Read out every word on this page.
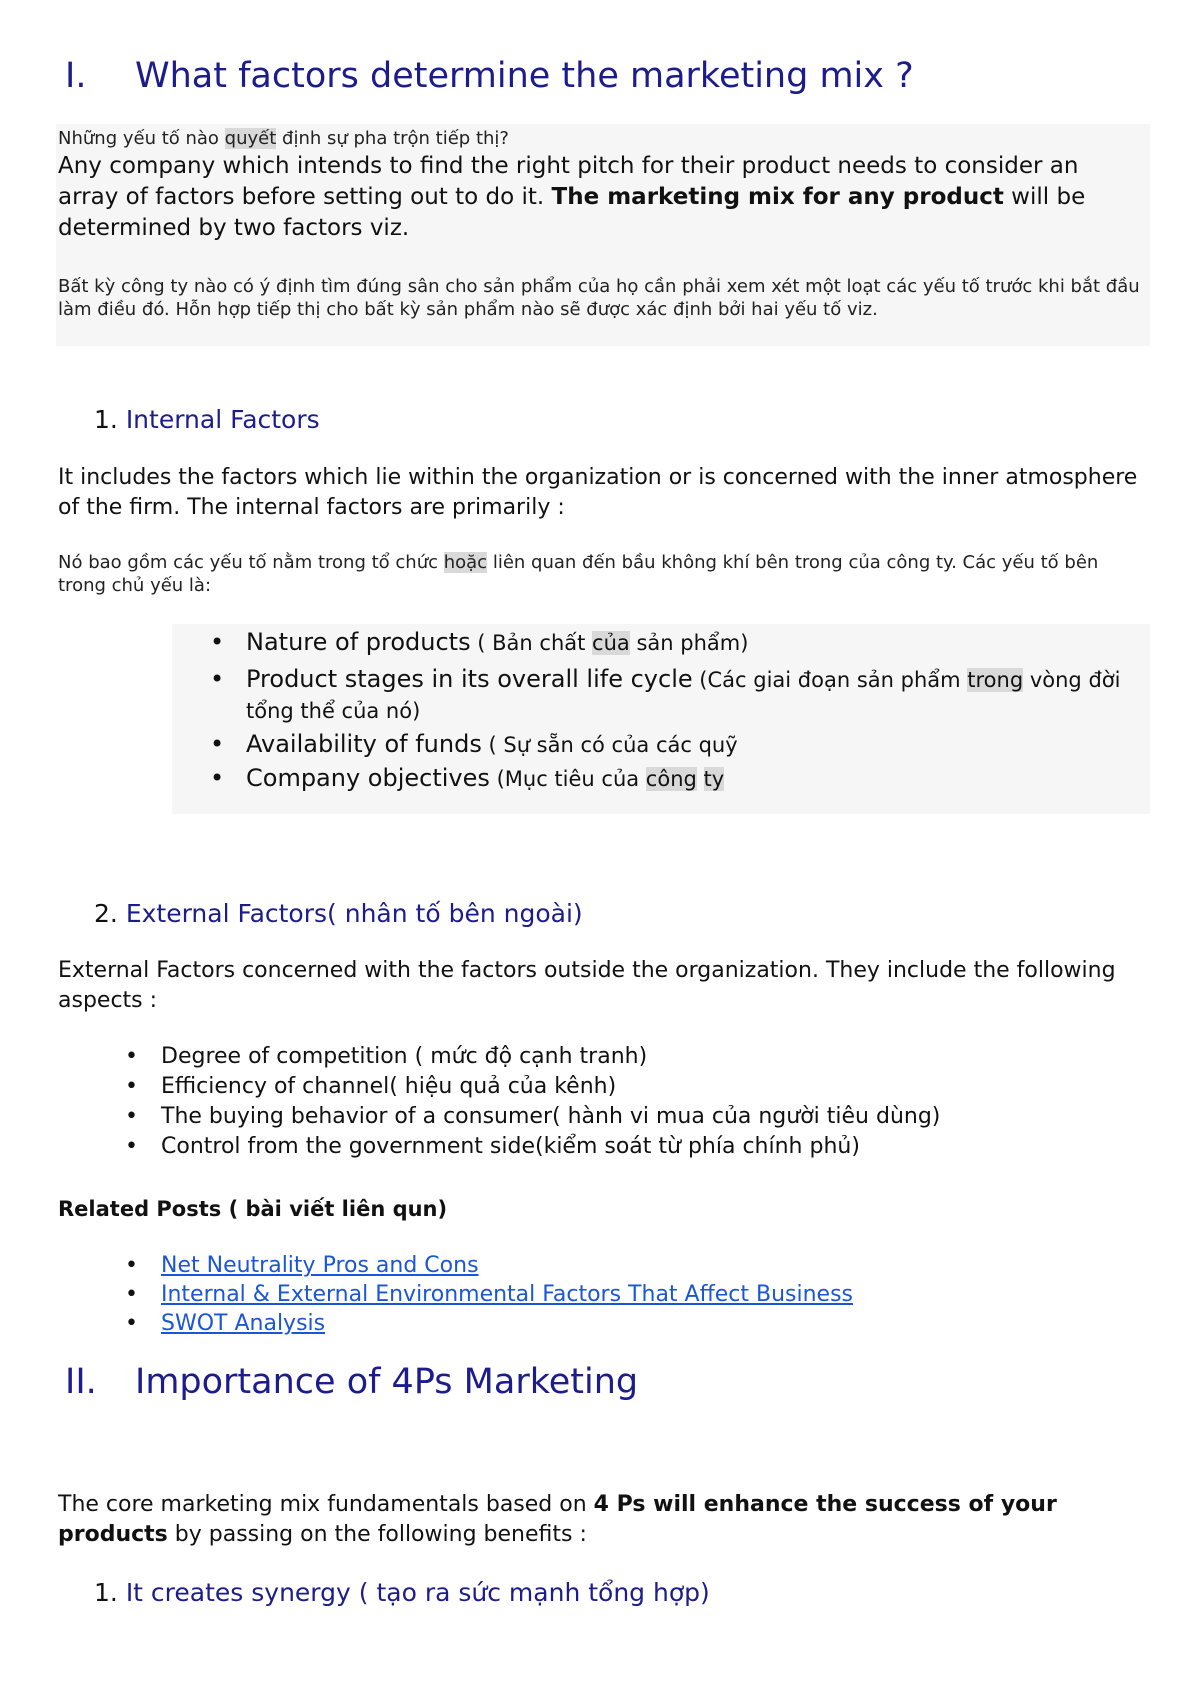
I. What factors determine the marketing mix ?
Những yếu tố nào quyết định sự pha trộn tiếp thị?
Any company which intends to find the right pitch for their product needs to consider an array of factors before setting out to do it. The marketing mix for any product will be determined by two factors viz.
Bất kỳ công ty nào có ý định tìm đúng sân cho sản phẩm của họ cần phải xem xét một loạt các yếu tố trước khi bắt đầu làm điều đó. Hỗn hợp tiếp thị cho bất kỳ sản phẩm nào sẽ được xác định bởi hai yếu tố viz.
1. Internal Factors
It includes the factors which lie within the organization or is concerned with the inner atmosphere of the firm. The internal factors are primarily :
Nó bao gồm các yếu tố nằm trong tổ chức hoặc liên quan đến bầu không khí bên trong của công ty. Các yếu tố bên trong chủ yếu là:
• Nature of products ( Bản chất của sản phẩm)
• Product stages in its overall life cycle (Các giai đoạn sản phẩm trong vòng đời tổng thể của nó)
• Availability of funds ( Sự sẵn có của các quỹ
• Company objectives (Mục tiêu của công ty
2. External Factors( nhân tố bên ngoài)
External Factors concerned with the factors outside the organization. They include the following aspects :
• Degree of competition ( mức độ cạnh tranh)
• Efficiency of channel( hiệu quả của kênh)
• The buying behavior of a consumer( hành vi mua của người tiêu dùng)
• Control from the government side(kiểm soát từ phía chính phủ)
Related Posts ( bài viết liên qun)
• Net Neutrality Pros and Cons
• Internal & External Environmental Factors That Affect Business
• SWOT Analysis
II. Importance of 4Ps Marketing
The core marketing mix fundamentals based on 4 Ps will enhance the success of your products by passing on the following benefits :
1. It creates synergy ( tạo ra sức mạnh tổng hợp)
